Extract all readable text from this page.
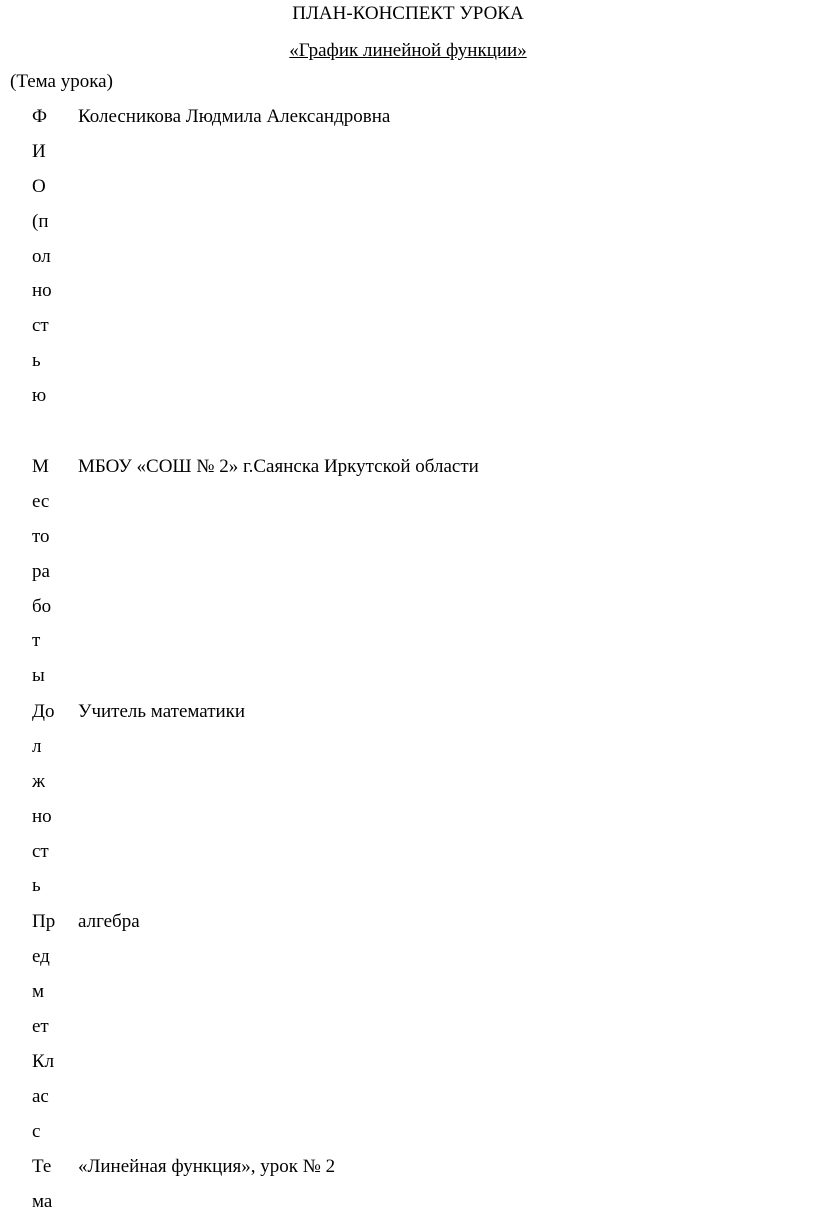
ПЛАН-КОНСПЕКТ УРОКА
«График линейной функции»
(Тема урока)
Ф
И
О
(п
ол
но
ст
ь
ю
Колесникова Людмила Александровна
М
ес
то
ра
бо
т
ы
МБОУ «СОШ № 2» г.Саянска Иркутской области
До
л
ж
но
ст
ь
Учитель математики
Пр
ед
м
ет
алгебра
Кл
ас
с
Те
ма
«Линейная функция», урок № 2
